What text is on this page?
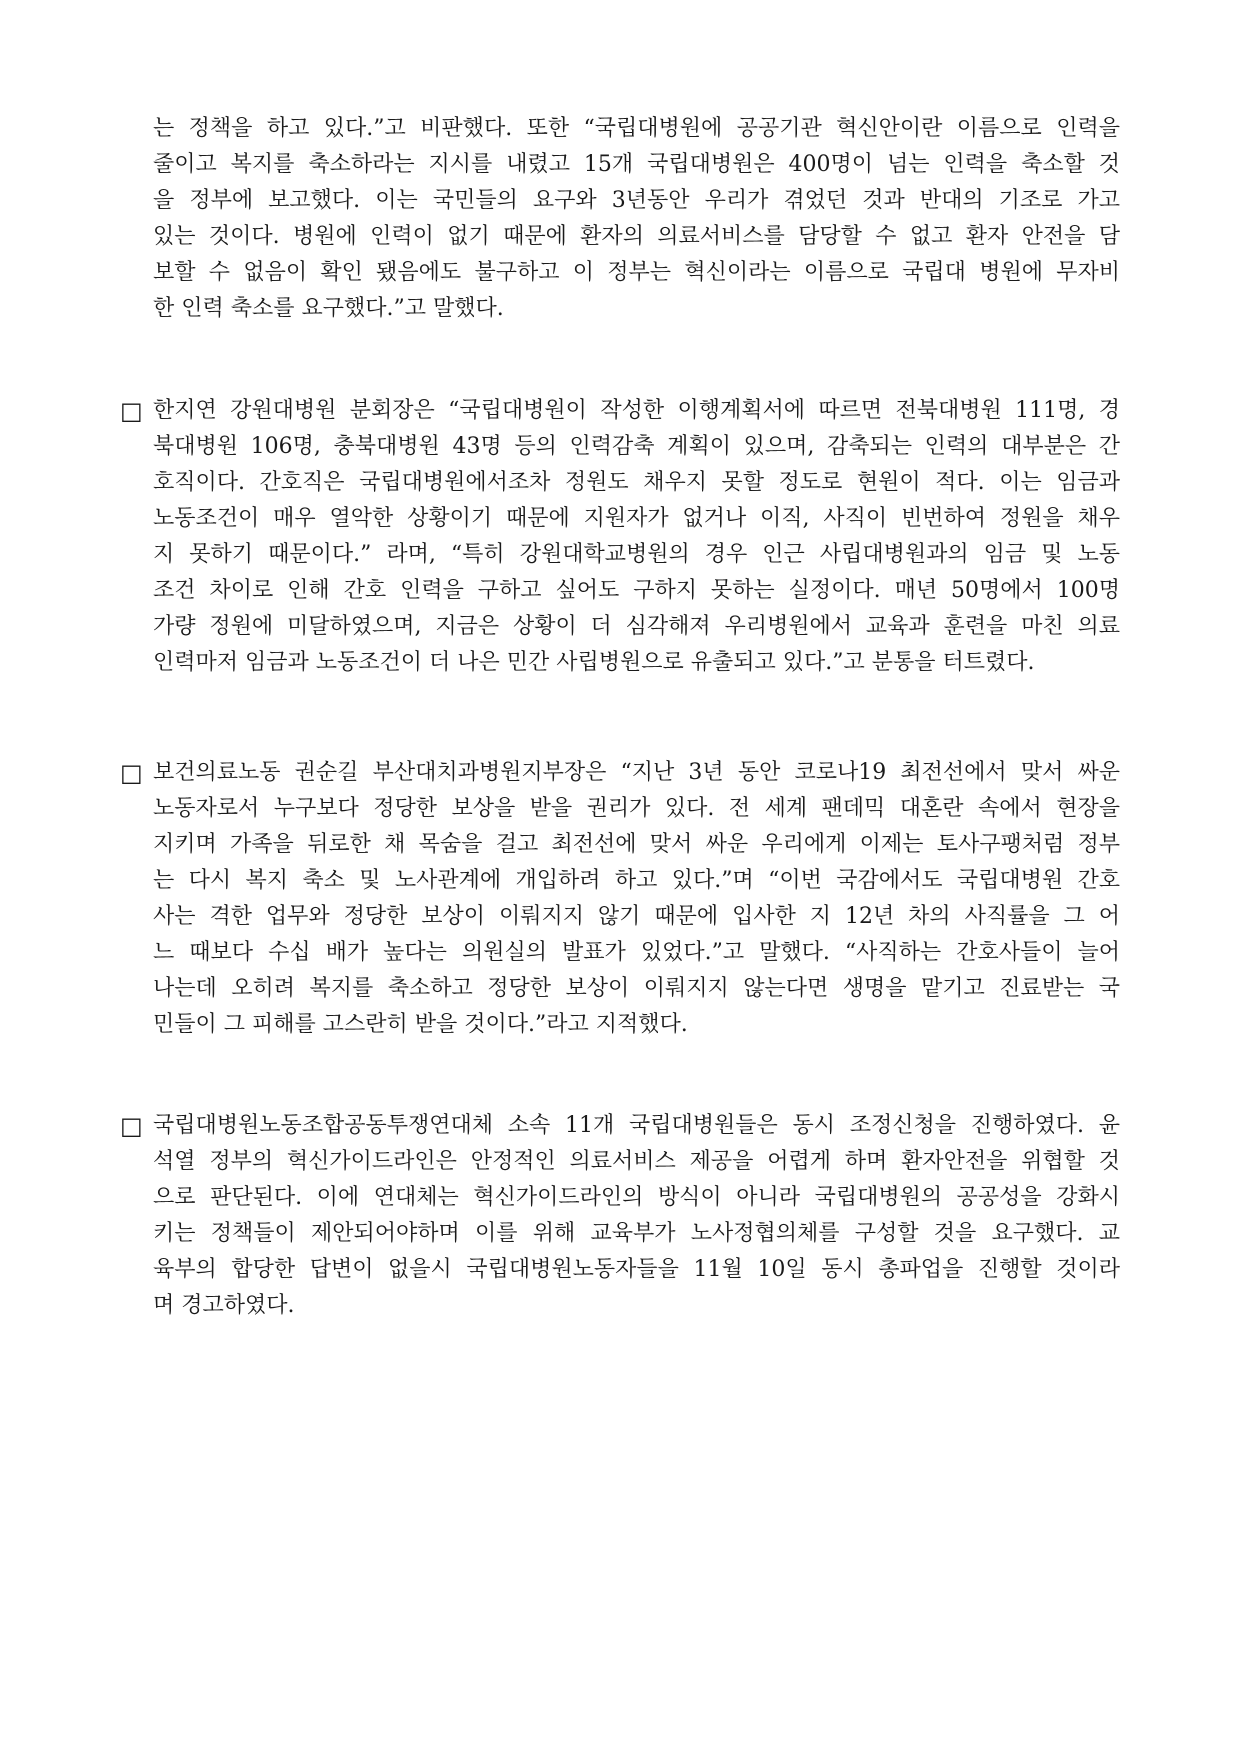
는 정책을 하고 있다.”고 비판했다. 또한 “국립대병원에 공공기관 혁신안이란 이름으로 인력을
줄이고 복지를 축소하라는 지시를 내렸고 15개 국립대병원은 400명이 넘는 인력을 축소할 것
을 정부에 보고했다. 이는 국민들의 요구와 3년동안 우리가 겪었던 것과 반대의 기조로 가고
있는 것이다. 병원에 인력이 없기 때문에 환자의 의료서비스를 담당할 수 없고 환자 안전을 담
보할 수 없음이 확인 됐음에도 불구하고 이 정부는 혁신이라는 이름으로 국립대 병원에 무자비
한 인력 축소를 요구했다.”고 말했다.
□ 한지연 강원대병원 분회장은 “국립대병원이 작성한 이행계획서에 따르면 전북대병원 111명, 경
북대병원 106명, 충북대병원 43명 등의 인력감축 계획이 있으며, 감축되는 인력의 대부분은 간
호직이다. 간호직은 국립대병원에서조차 정원도 채우지 못할 정도로 현원이 적다. 이는 임금과
노동조건이 매우 열악한 상황이기 때문에 지원자가 없거나 이직, 사직이 빈번하여 정원을 채우
지 못하기 때문이다.” 라며, “특히 강원대학교병원의 경우 인근 사립대병원과의 임금 및 노동
조건 차이로 인해 간호 인력을 구하고 싶어도 구하지 못하는 실정이다. 매년 50명에서 100명
가량 정원에 미달하였으며, 지금은 상황이 더 심각해져 우리병원에서 교육과 훈련을 마친 의료
인력마저 임금과 노동조건이 더 나은 민간 사립병원으로 유출되고 있다.”고 분통을 터트렸다.
□ 보건의료노동 권순길 부산대치과병원지부장은 “지난 3년 동안 코로나19 최전선에서 맞서 싸운
노동자로서 누구보다 정당한 보상을 받을 권리가 있다. 전 세계 팬데믹 대혼란 속에서 현장을
지키며 가족을 뒤로한 채 목숨을 걸고 최전선에 맞서 싸운 우리에게 이제는 토사구팽처럼 정부
는 다시 복지 축소 및 노사관계에 개입하려 하고 있다.”며 “이번 국감에서도 국립대병원 간호
사는 격한 업무와 정당한 보상이 이뤄지지 않기 때문에 입사한 지 12년 차의 사직률을 그 어
느 때보다 수십 배가 높다는 의원실의 발표가 있었다.”고 말했다. “사직하는 간호사들이 늘어
나는데 오히려 복지를 축소하고 정당한 보상이 이뤄지지 않는다면 생명을 맡기고 진료받는 국
민들이 그 피해를 고스란히 받을 것이다.”라고 지적했다.
□ 국립대병원노동조합공동투쟁연대체 소속 11개 국립대병원들은 동시 조정신청을 진행하였다. 윤
석열 정부의 혁신가이드라인은 안정적인 의료서비스 제공을 어렵게 하며 환자안전을 위협할 것
으로 판단된다. 이에 연대체는 혁신가이드라인의 방식이 아니라 국립대병원의 공공성을 강화시
키는 정책들이 제안되어야하며 이를 위해 교육부가 노사정협의체를 구성할 것을 요구했다. 교
육부의 합당한 답변이 없을시 국립대병원노동자들을 11월 10일 동시 총파업을 진행할 것이라
며 경고하였다.
